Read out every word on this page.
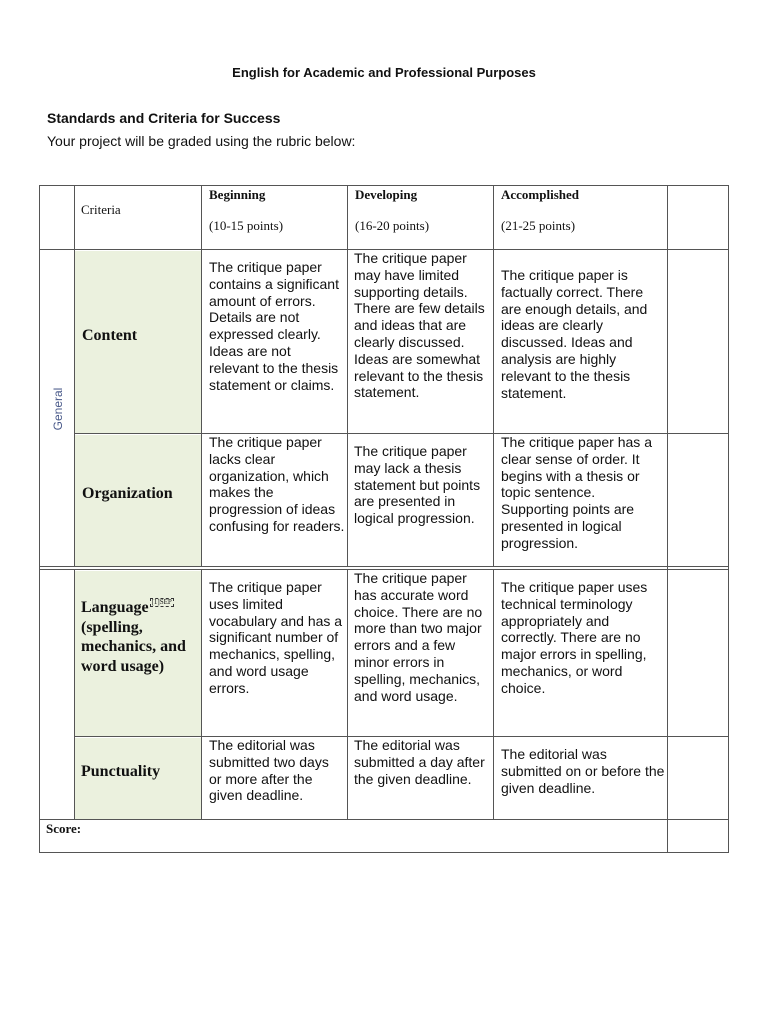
English for Academic and Professional Purposes
Standards and Criteria for Success
Your project will be graded using the rubric below:
Criteria
Beginning
(10-15 points)
Developing
(16-20 points)
Accomplished
(21-25 points)
General
Content
The critique paper contains a significant amount of errors. Details are not expressed clearly. Ideas are not relevant to the thesis statement or claims.
The critique paper may have limited supporting details. There are few details and ideas that are clearly discussed. Ideas are somewhat relevant to the thesis statement.
The critique paper is factually correct. There are enough details, and ideas are clearly discussed. Ideas and analysis are highly relevant to the thesis statement.
Organization
The critique paper lacks clear organization, which makes the progression of ideas confusing for readers.
The critique paper may lack a thesis statement but points are presented in logical progression.
The critique paper has a clear sense of order. It begins with a thesis or topic sentence. Supporting points are presented in logical progression.
Language [1]SEP (spelling, mechanics, and word usage)
The critique paper uses limited vocabulary and has a significant number of mechanics, spelling, and word usage errors.
The critique paper has accurate word choice. There are no more than two major errors and a few minor errors in spelling, mechanics, and word usage.
The critique paper uses technical terminology appropriately and correctly. There are no major errors in spelling, mechanics, or word choice.
Punctuality
The editorial was submitted two days or more after the given deadline.
The editorial was submitted a day after the given deadline.
The editorial was submitted on or before the given deadline.
Score:
